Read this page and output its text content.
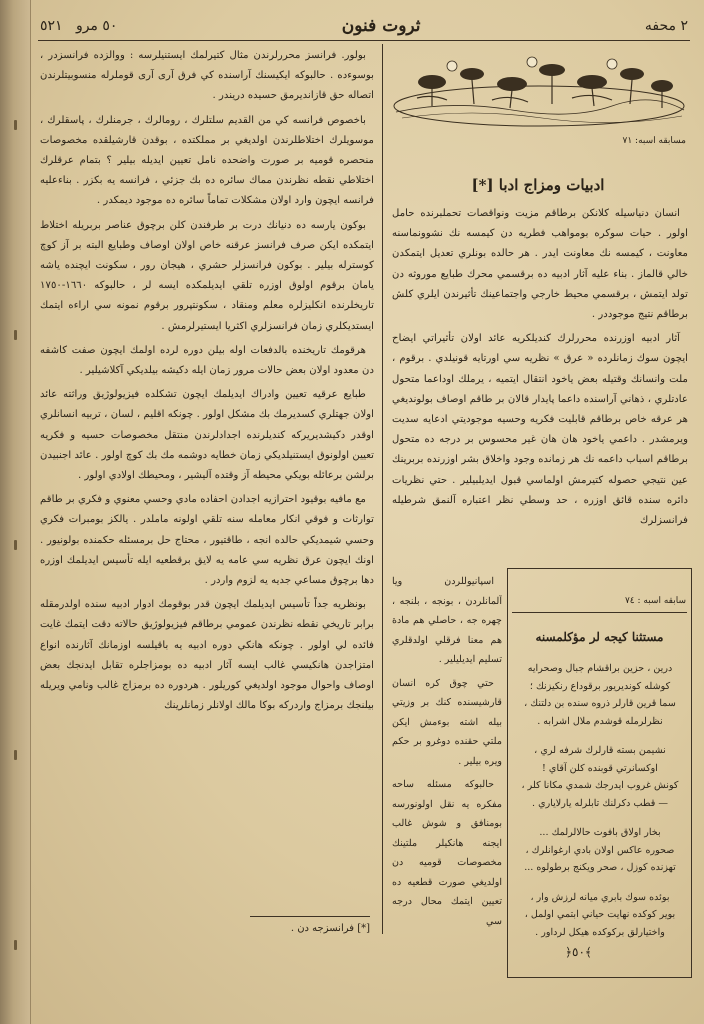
٢ محفه
ثروت فنون
٥٠ مرو   ٥٢١
مسابقه اسبه: ٧١
ادبيات ومزاج ادبا [*]

انسان دنياسيله كلانكن برطاقم مزيت ونواقصات تحملبرنده حامل اولور . حيات سوكره بومواهب فطريه دن كيمسه نك نشوونماسنه معاونت ، كيمسه نك معاونت ايدر . هر حالده بونلري تعديل ايتمكدن خالي قالماز . بناء عليه آثار ادبيه ده برقسمي محرك طبايع موروثه دن تولد ايتمش ، برقسمي محيط خارجي واجتماعينك تأثيرندن ايلري كلش برطاقم نتيج موجوددر .

آثار ادبيه اوزرنده محررلرك كنديلكريه عائد اولان تأثيراتي ايضاح ايچون سوك زمانلرده « عرق » نظريه سي اورتايه قونيلدي . برقوم ، ملت وانسانك وقتيله بعض ياخود انتقال ايتميه ، يرملك اوداعما متحول عادتلري ، ذهاني آراسنده داعما پايدار قالان بر طاقم اوصاف بولونديغي هر عرقه خاص برطاقم قابليت فكريه وحسيه موجوديتي ادعايه سديت ويرمشدر . داعمي ياخود هان هان غير محسوس بر درجه ده متحول برطاقم اسباب داعمه نك هر زمانده وجود واخلاق بشر اوزرنده بربرينك عين نتيجي حصوله كتيرمش اولماسي قبول ايديلبيلير . حتي نظريات دائره سنده قائق اوزره ، حد وسطي نظر اعتباره آلنمق شرطيله فرانسزلرك

اسپانيوللردن ويا آلمانلردن ، بونجه ، بلنجه ، چهره جه ، حاصلي هم مادة هم معنا فرقلي اولدقلري تسليم ايديليلير .

حتي چوق كره انسان قارشيسنده كنك بر وزيتي بيله اشته بوءمش ايكن ملتي حقنده دوغرو بر حكم ويره بيلير .

حالبوكه مسئله ساحه مفكره يه نقل اولونورسه بومنافق و شوش غالب ايجنه هانكيلر ملتينك مخصوصات قوميه دن اولديغي صورت قطعيه ده تعيين ايتمك محال درجه سي

سابقه اسبه : ٧٤
مستثنا كيجه لر مؤكلمسنه
درين ، حزين براقشام جبال وصحرايه
كوشله كونديريور برقوداع رنكيزنك ؛
سما قرين قارلر ذروه سنده بن دلتنك ،
نظرلرمله قوشدم ملال اشرابه .
نشيمن بسته قارلرك شرفه لري ،
اوكسانرتي قوبنده كلن آقاي !
كونش غروب ايدرجك شمدي مكانا كلر ،
— قطب دكرلنك تابلرله يارلاياري .
بخار اولاق بافوت حالالرلمك ...
صحوره عاكس اولان بادي ارغوانلرك ،
تهزنده كوزل ، صحر ويكنج برطولوه ...
بوئده سوك بابري ميانه لرزش وار ،
بوير كوكده نهايت حياني ابتمي اولمل ،
واختيارلق بركوكده هيكل لرداور .
﴿٥٠﴾

بولور. فرانسز محررلرندن مثال كتيرلمك ايستنيلرسه : ووالزده فرانسزدر ، بوسوءده . حالبوكه ايكيسنك آراسنده كي فرق آرى آرى قوملرله منسوبيتلرندن اتصاله حق قازانديرمق حسيده دريندر .

باخصوص فرانسه كي من القديم سلتلرك ، رومالرك ، جرمنلرك ، پاسقلرك ، موسويلرك اختلاطلرندن اولديغي بر مملكتده ، بوقدن قارشيلقده مخصوصات منحصره قوميه بر صورت واضحده نامل تعيين ايديله بيلير ؟ بتمام عرقلرك اختلاطي نقطه نظرندن مماك سائره ده بك جزئي ، فرانسه يه بكزر . بناءعليه فرانسه ايچون وارد اولان مشكلات تماماً سائره ده موجود ديمكدر .

بوكون يارسه ده دنيانك درت بر طرفندن كلن برچوق عناصر بربريله اختلاط ايتمكده ايكن صرف فرانسز عرقنه خاص اولان اوصاف وطبايع البته بر آز كوچ كوسترله بيلير . بوكون فرانسزلر حشري ، هيجان رور ، سكونت ايچنده ياشه يامان برقوم اولوق اوزره تلقي ايديلمكده ايسه لر ، حالبوكه ١٦٦٠-١٧٥٠ تاريخلرنده انكليزلره معلم ومنقاد ، سكونتپرور برقوم نمونه سي اراءه ايتمك ايستديكلري زمان فرانسزلري اكثريا ايستيرلرمش .

هرقومك تاريخنده بالدفعات اوله بيلن دوره لرده اولمك ايچون صفت كاشفه دن معدود اولان بعض حالات مرور زمان ايله دكيشه بيلديكي آكلاشيلير .

طبايع عرقيه تعيين وادراك ايديلمك ايچون تشكلده فيزيولوژيق وراثته عائد اولان جهتلري كسديرمك بك مشكل اولور . چونكه اقليم ، لسان ، تربيه انسانلري اوقدر دكيشديريركه كنديلرنده اجدادلرندن منتقل مخصوصات حسيه و فكريه تعيين اولونوق ايستنيلديكي زمان خطايه دوشمه مك بك كوچ اولور . عائد اجنبيدن برلشن برعائله بويكي محيطه آز وقتده آليشير ، ومحيطك اولادي اولور .

مع مافيه بوقيود احترازيه اجدادن احفاده مادي وحسي معنوي و فكري بر طاقم توارثات و فوقي انكار معامله سنه تلقي اولونه ماملدر . يالكز بومبرات فكري وحسي شيمديكي حالده انجه ، طاقتيور ، محتاج حل برمسئله حكمنده بولونيور . اونك ايچون عرق نظريه سي عامه يه لايق برقطعيه ايله تأسيس ايديلمك اوزره دها برچوق مساعي جديه يه لزوم واردر .

بونظريه جداً تأسيس ايديلمك ايچون قدر بوقومك ادوار ادبيه سنده اولدرمقله برابر تاريخي نقطه نظرندن عمومي برطاقم فيزيولوژيق حالاته دقت ايتمك غايت فائده لي اولور . چونكه هانكي دوره ادبيه يه باقيلسه اوزمانك آثارنده انواع امتزاجدن هانكيسي غالب ايسه آثار ادبيه ده بومزاجلره تقابل ايدنجك بعض اوصاف واحوال موجود اولديغي كوريلور . هردوره ده برمزاج غالب ونامي ويريله بيلنجك برمزاج واردركه بوكا مالك اولانلر زمانلرينك

[*] فرانسزجه دن .
